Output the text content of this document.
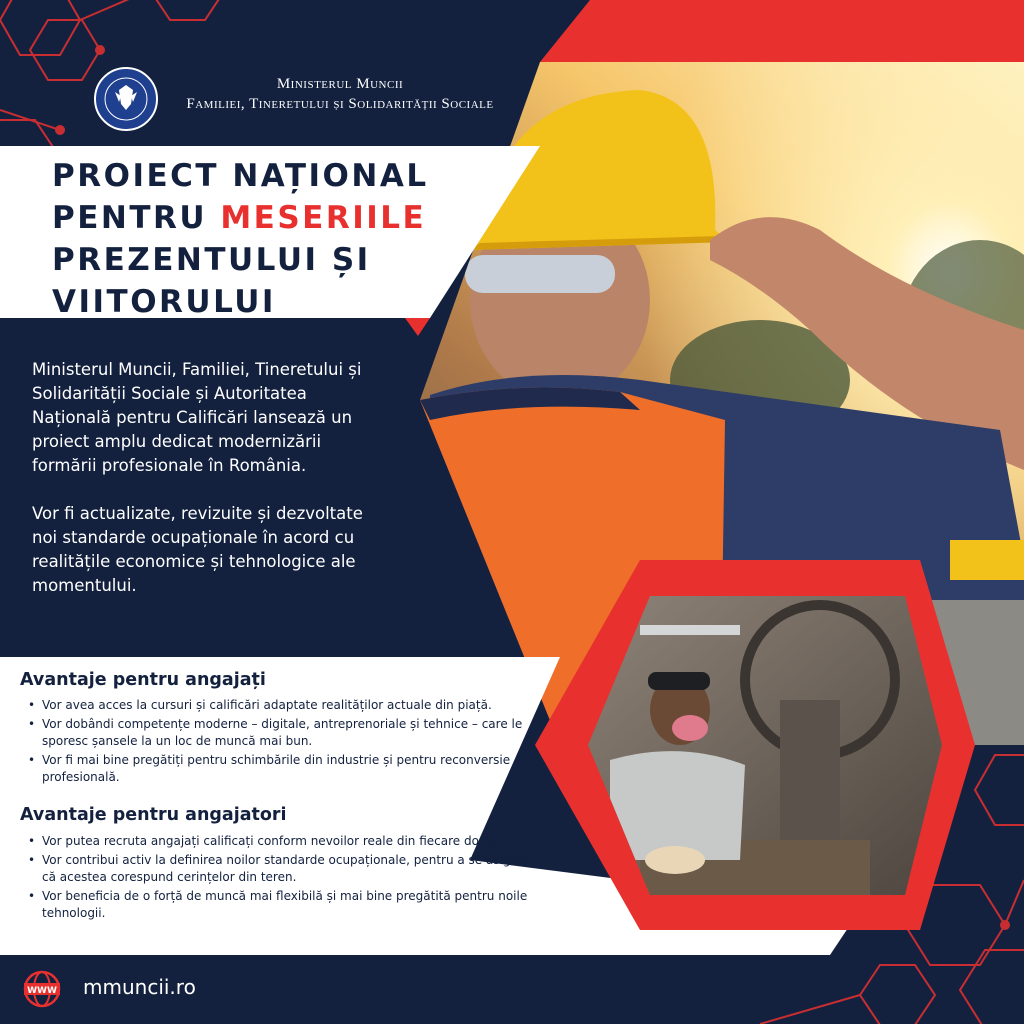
Ministerul Muncii
Familiei, Tineretului și Solidarității Sociale
PROIECT NAȚIONAL
PENTRU MESERIILE
PREZENTULUI ȘI
VIITORULUI

Ministerul Muncii, Familiei, Tineretului și Solidarității Sociale și Autoritatea Națională pentru Calificări lansează un proiect amplu dedicat modernizării formării profesionale în România.

Vor fi actualizate, revizuite și dezvoltate noi standarde ocupaționale în acord cu realitățile economice și tehnologice ale momentului.

Avantaje pentru angajați
• Vor avea acces la cursuri și calificări adaptate realităților actuale din piață.
• Vor dobândi competențe moderne – digitale, antreprenoriale și tehnice – care le sporesc șansele la un loc de muncă mai bun.
• Vor fi mai bine pregătiți pentru schimbările din industrie și pentru reconversie profesională.
Avantaje pentru angajatori
• Vor putea recruta angajați calificați conform nevoilor reale din fiecare domeniu.
• Vor contribui activ la definirea noilor standarde ocupaționale, pentru a se asigura că acestea corespund cerințelor din teren.
• Vor beneficia de o forță de muncă mai flexibilă și mai bine pregătită pentru noile tehnologii.
WWW mmuncii.ro
